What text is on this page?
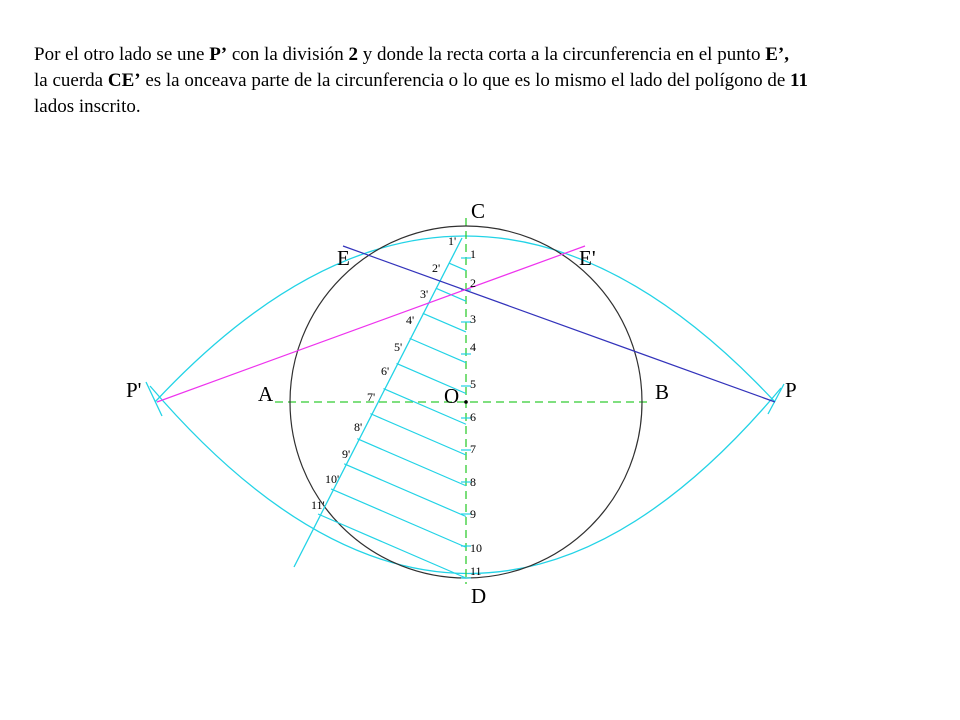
Por el otro lado se une P’ con la división 2 y donde la recta corta a la circunferencia en el punto E’,
la cuerda CE’ es la onceava parte de la circunferencia o lo que es lo mismo el lado del polígono de 11
lados inscrito.
C
D
A	B
O
E	E'
P
P'
1
1'
2
2'
3
3'
4
4'
5
5'
6
6'
7
7'
8
8'
9
9'
10
10'
11
11'
